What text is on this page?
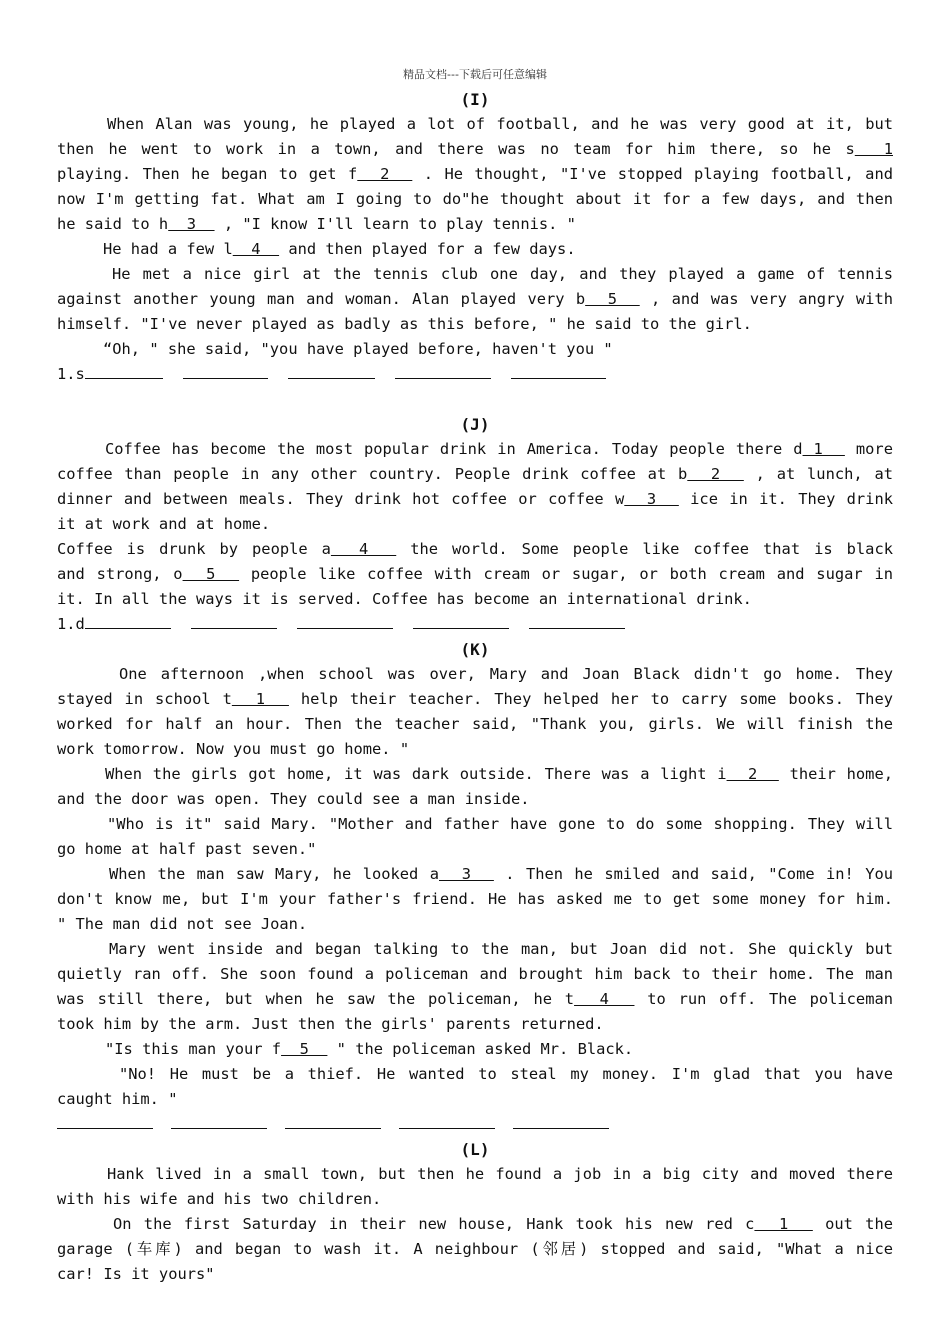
精品文档---下载后可任意编辑
(I)
When Alan was young, he played a lot of football, and he was very good at it, but
then he went to work in a town, and there was no team for him there, so he s  1
playing. Then he began to get f  2   . He thought, "I've stopped playing football, and
now I'm getting fat. What am I going to do"he thought about it for a few days, and then
he said to h  3   , "I know I'll learn to play tennis. "
He had a few l  4   and then played for a few days.
He met a nice girl at the tennis club one day, and they played a game of tennis
against another young man and woman. Alan played very b  5   , and was very angry with
himself. "I've never played as badly as this before, " he said to the girl.
“Oh, " she said, "you have played before, haven't you "
1.s
(J)
Coffee has become the most popular drink in America. Today people there d 1   more
coffee than people in any other country. People drink coffee at b  2   , at lunch, at
dinner and between meals. They drink hot coffee or coffee w  3   ice in it. They drink
it at work and at home.
Coffee is drunk by people a  4   the world. Some people like coffee that is black
and strong, o  5   people like coffee with cream or sugar, or both cream and sugar in
it. In all the ways it is served. Coffee has become an international drink.
1.d
(K)
One afternoon ,when school was over, Mary and Joan Black didn't go home. They
stayed in school t  1   help their teacher. They helped her to carry some books. They
worked for half an hour. Then the teacher said, "Thank you, girls. We will finish the
work tomorrow. Now you must go home. "
When the girls got home, it was dark outside. There was a light i  2   their home,
and the door was open. They could see a man inside.
"Who is it" said Mary. "Mother and father have gone to do some shopping. They will
go home at half past seven."
When the man saw Mary, he looked a  3   . Then he smiled and said, "Come in! You
don't know me, but I'm your father's friend. He has asked me to get some money for him.
" The man did not see Joan.
Mary went inside and began talking to the man, but Joan did not. She quickly but
quietly ran off. She soon found a policeman and brought him back to their home. The man
was still there, but when he saw the policeman, he t  4   to run off. The policeman
took him by the arm. Just then the girls' parents returned.
"Is this man your f  5   " the policeman asked Mr. Black.
"No! He must be a thief. He wanted to steal my money. I'm glad that you have
caught him. "
(L)
Hank lived in a small town, but then he found a job in a big city and moved there
with his wife and his two children.
On the first Saturday in their new house, Hank took his new red c  1   out the
garage (车库) and began to wash it. A neighbour (邻居) stopped and said, "What a nice
car! Is it yours"
